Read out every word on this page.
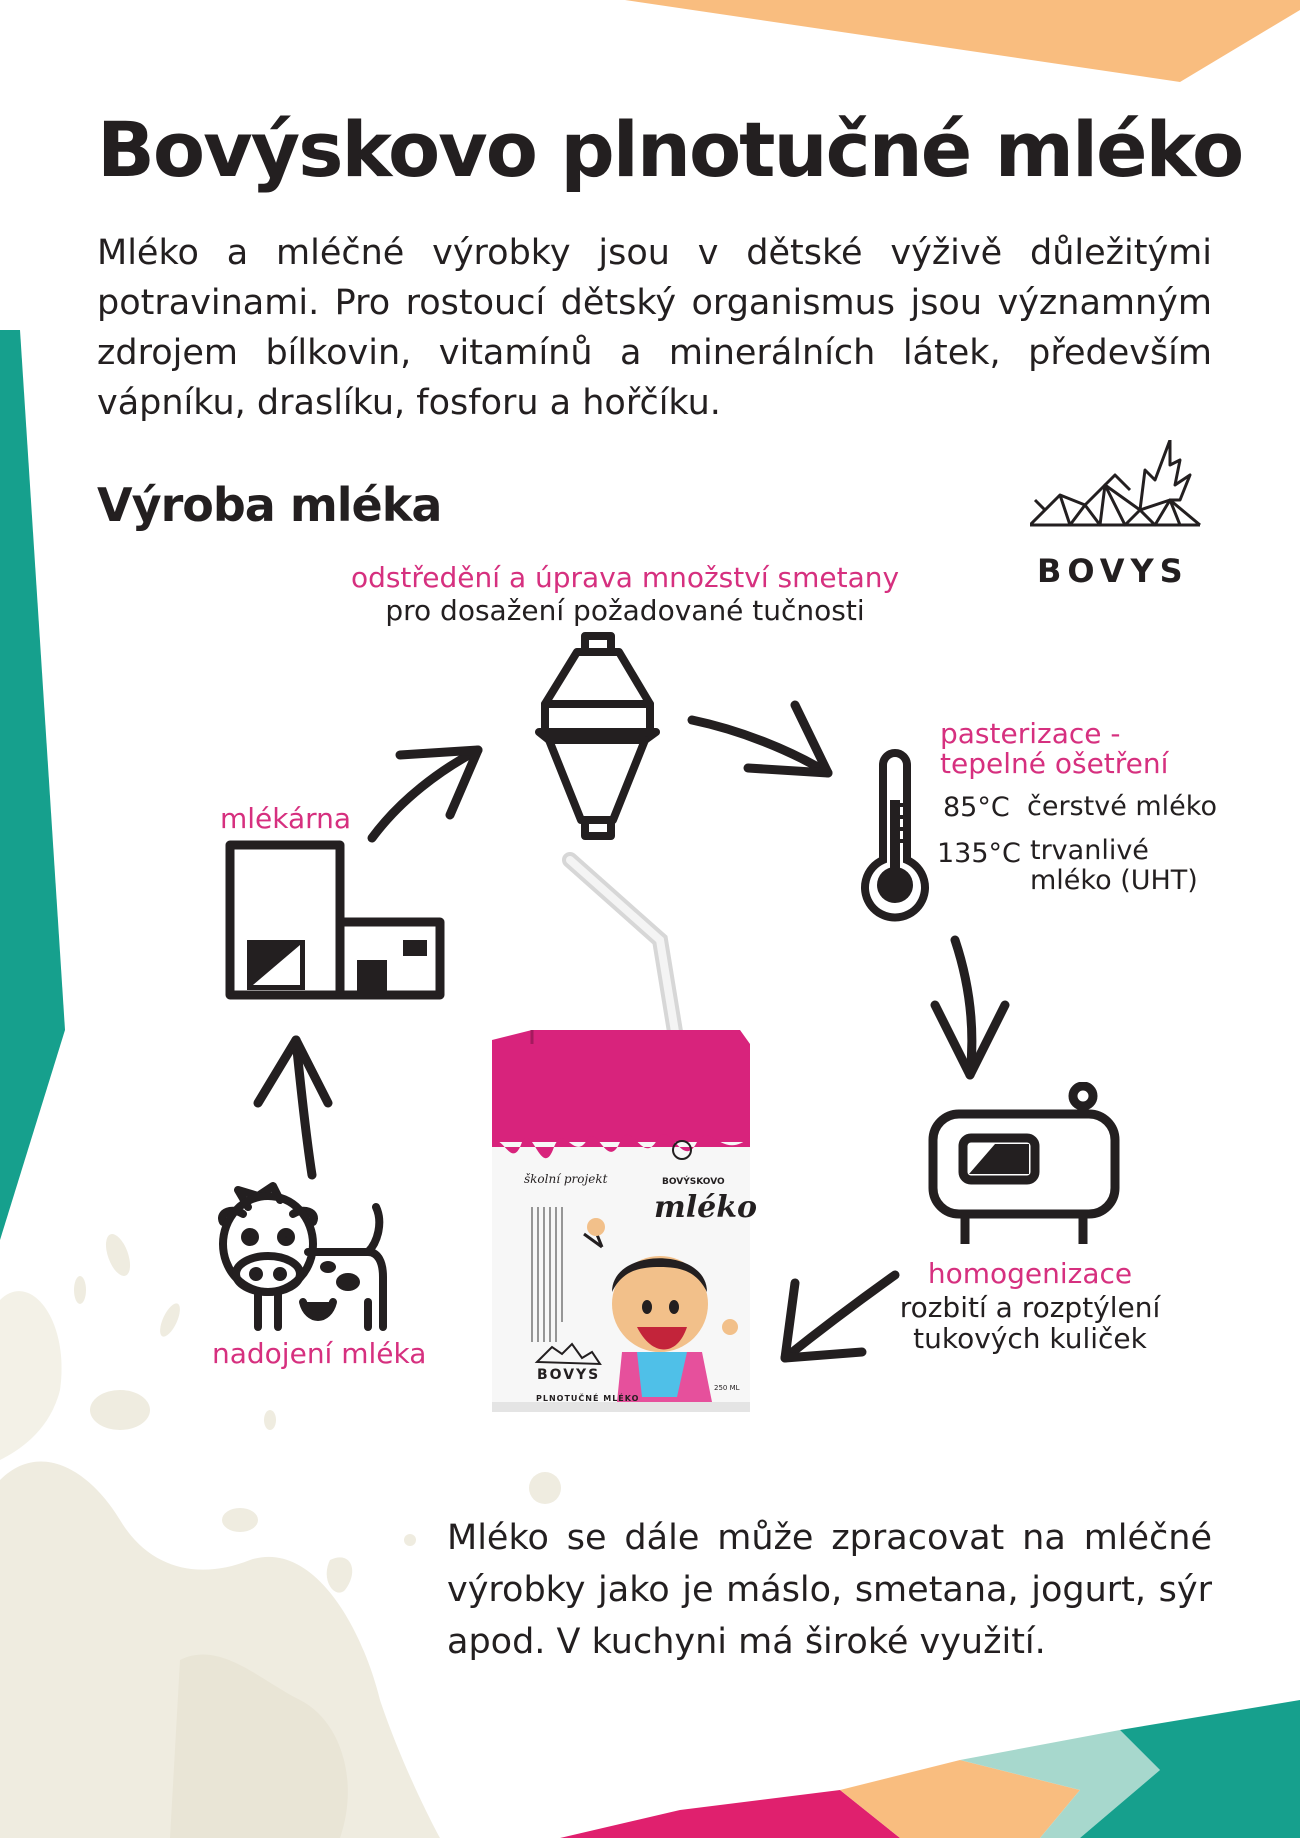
Bovýskovo plnotučné mléko
Mléko a mléčné výrobky jsou v dětské výživě důležitými potravinami. Pro rostoucí dětský organismus jsou významným zdrojem bílkovin, vitamínů a minerálních látek, především vápníku, draslíku, fosforu a hořčíku.
Výroba mléka
BOVYS
odstředění a úprava množství smetany
pro dosažení požadované tučnosti
pasterizace -
tepelné ošetření
85°C čerstvé mléko
135°C trvanlivé
mléko (UHT)
homogenizace
rozbití a rozptýlení
tukových kuliček
mlékárna
nadojení mléka
školní projekt	BOVÝSKOVO
mléko
BOVYS
PLNOTUČNÉ MLÉKO
250 ML
Mléko se dále může zpracovat na mléčné výrobky jako je máslo, smetana, jogurt, sýr apod. V kuchyni má široké využití.
